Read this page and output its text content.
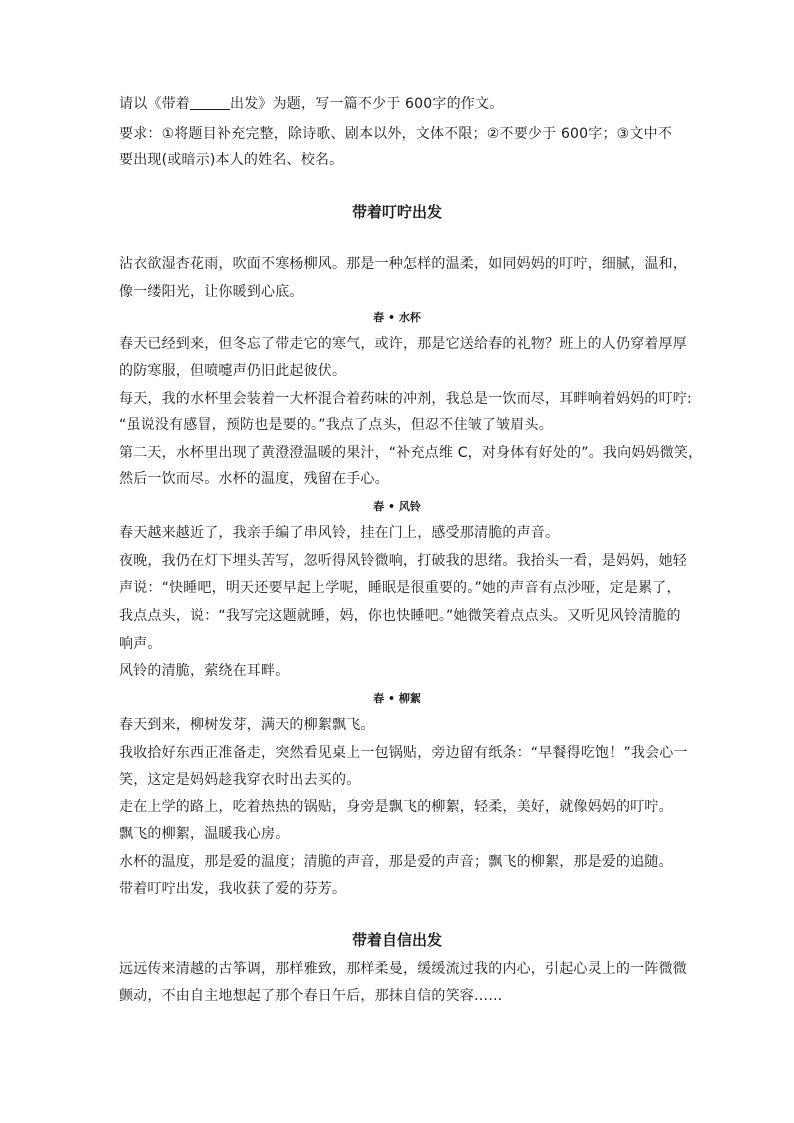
请以《带着	出发》为题，写一篇不少于 600字的作文。
要求：①将题目补充完整，除诗歌、剧本以外，文体不限；②不要少于 600字；③文中不
要出现(或暗示)本人的姓名、校名。
带着叮咛出发
沾衣欲湿杏花雨，吹面不寒杨柳风。那是一种怎样的温柔，如同妈妈的叮咛，细腻，温和，
像一缕阳光，让你暖到心底。
春 • 水杯
春天已经到来，但冬忘了带走它的寒气，或许，那是它送给春的礼物？班上的人仍穿着厚厚
的防寒服，但喷嚏声仍旧此起彼伏。
每天，我的水杯里会装着一大杯混合着药味的冲剂，我总是一饮而尽，耳畔响着妈妈的叮咛:
“虽说没有感冒，预防也是要的。”我点了点头，但忍不住皱了皱眉头。
第二天，水杯里出现了黄澄澄温暖的果汁，“补充点维 C，对身体有好处的”。我向妈妈微笑，
然后一饮而尽。水杯的温度，残留在手心。
春 • 风铃
春天越来越近了，我亲手编了串风铃，挂在门上，感受那清脆的声音。
夜晚，我仍在灯下埋头苦写，忽听得风铃微响，打破我的思绪。我抬头一看，是妈妈，她轻
声说：“快睡吧，明天还要早起上学呢，睡眠是很重要的。”她的声音有点沙哑，定是累了，
我点点头，说：“我写完这题就睡，妈，你也快睡吧。”她微笑着点点头。又听见风铃清脆的
响声。
风铃的清脆，萦绕在耳畔。
春 • 柳絮
春天到来，柳树发芽，满天的柳絮飘飞。
我收拾好东西正准备走，突然看见桌上一包锅贴，旁边留有纸条：“早餐得吃饱！”我会心一
笑，这定是妈妈趁我穿衣时出去买的。
走在上学的路上，吃着热热的锅贴，身旁是飘飞的柳絮，轻柔，美好，就像妈妈的叮咛。
飘飞的柳絮，温暖我心房。
水杯的温度，那是爱的温度；清脆的声音，那是爱的声音；飘飞的柳絮，那是爱的追随。
带着叮咛出发，我收获了爱的芬芳。
带着自信出发
远远传来清越的古筝调，那样雅致，那样柔曼，缓缓流过我的内心，引起心灵上的一阵微微
颤动，不由自主地想起了那个春日午后，那抹自信的笑容……
